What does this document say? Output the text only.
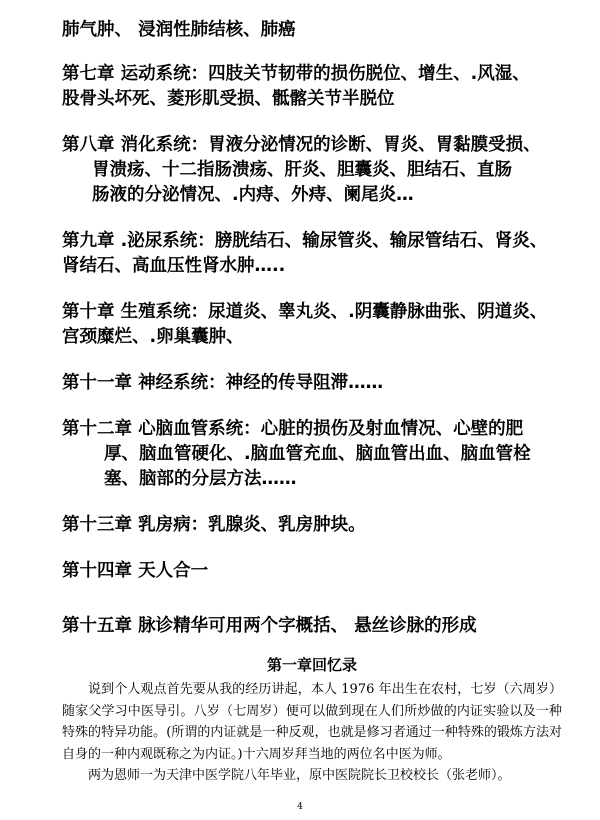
肺气肿、 浸润性肺结核、肺癌
第七章 运动系统：四肢关节韧带的损伤脱位、增生、.风湿、
股骨头坏死、菱形肌受损、骶髂关节半脱位
第八章 消化系统：胃液分泌情况的诊断、胃炎、胃黏膜受损、
胃溃疡、十二指肠溃疡、肝炎、胆囊炎、胆结石、直肠
肠液的分泌情况、.内痔、外痔、阑尾炎…
第九章 .泌尿系统：膀胱结石、输尿管炎、输尿管结石、肾炎、
肾结石、高血压性肾水肿…..
第十章 生殖系统：尿道炎、睾丸炎、.阴囊静脉曲张、阴道炎、
宫颈糜烂、.卵巢囊肿、
第十一章 神经系统：神经的传导阻滞……
第十二章 心脑血管系统：心脏的损伤及射血情况、心壁的肥
厚、脑血管硬化、.脑血管充血、脑血管出血、脑血管栓
塞、脑部的分层方法……
第十三章 乳房病：乳腺炎、乳房肿块。
第十四章 天人合一
第十五章 脉诊精华可用两个字概括、 悬丝诊脉的形成
第一章回忆录

说到个人观点首先要从我的经历讲起，本人 1976 年出生在农村，七岁（六周岁）随家父学习中医导引。八岁（七周岁）便可以做到现在人们所炒做的内证实验以及一种特殊的特异功能。(所谓的内证就是一种反观，也就是修习者通过一种特殊的锻炼方法对自身的一种内观既称之为内证。)十六周岁拜当地的两位名中医为师。

两为恩师一为天津中医学院八年毕业，原中医院院长卫校校长（张老师）。

4
